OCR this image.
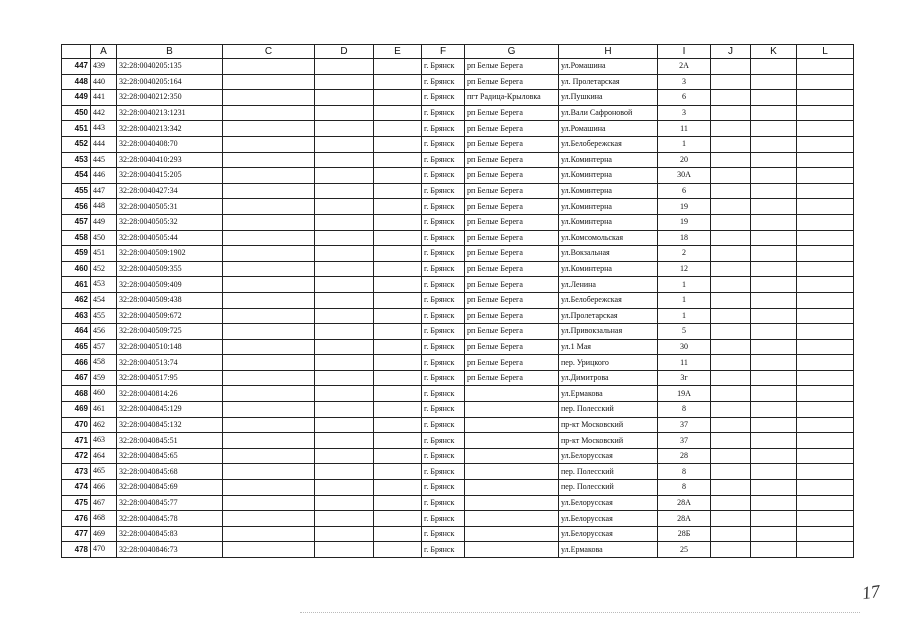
	A	B	C	D	E	F	G	H	I	J	K	L
447	439	32:28:0040205:135				г. Брянск	рп Белые Берега	ул.Ромашина	2А			
448	440	32:28:0040205:164				г. Брянск	рп Белые Берега	ул. Пролетарская	3			
449	441	32:28:0040212:350				г. Брянск	пгт Радица-Крыловка	ул.Пушкина	6			
450	442	32:28:0040213:1231				г. Брянск	рп Белые Берега	ул.Вали Сафроновой	3			
451	443	32:28:0040213:342				г. Брянск	рп Белые Берега	ул.Ромашина	11			
452	444	32:28:0040408:70				г. Брянск	рп Белые Берега	ул.Белобережская	1			
453	445	32:28:0040410:293				г. Брянск	рп Белые Берега	ул.Коминтерна	20			
454	446	32:28:0040415:205				г. Брянск	рп Белые Берега	ул.Коминтерна	30А			
455	447	32:28:0040427:34				г. Брянск	рп Белые Берега	ул.Коминтерна	6			
456	448	32:28:0040505:31				г. Брянск	рп Белые Берега	ул.Коминтерна	19			
457	449	32:28:0040505:32				г. Брянск	рп Белые Берега	ул.Коминтерна	19			
458	450	32:28:0040505:44				г. Брянск	рп Белые Берега	ул.Комсомольская	18			
459	451	32:28:0040509:1902				г. Брянск	рп Белые Берега	ул.Вокзальная	2			
460	452	32:28:0040509:355				г. Брянск	рп Белые Берега	ул.Коминтерна	12			
461	453	32:28:0040509:409				г. Брянск	рп Белые Берега	ул.Ленина	1			
462	454	32:28:0040509:438				г. Брянск	рп Белые Берега	ул.Белобережская	1			
463	455	32:28:0040509:672				г. Брянск	рп Белые Берега	ул.Пролетарская	1			
464	456	32:28:0040509:725				г. Брянск	рп Белые Берега	ул.Привокзальная	5			
465	457	32:28:0040510:148				г. Брянск	рп Белые Берега	ул.1 Мая	30			
466	458	32:28:0040513:74				г. Брянск	рп Белые Берега	пер. Урицкого	11			
467	459	32:28:0040517:95				г. Брянск	рп Белые Берега	ул.Димитрова	3г			
468	460	32:28:0040814:26				г. Брянск		ул.Ермакова	19А			
469	461	32:28:0040845:129				г. Брянск		пер. Полесский	8			
470	462	32:28:0040845:132				г. Брянск		пр-кт Московский	37			
471	463	32:28:0040845:51				г. Брянск		пр-кт Московский	37			
472	464	32:28:0040845:65				г. Брянск		ул.Белорусская	28			
473	465	32:28:0040845:68				г. Брянск		пер. Полесский	8			
474	466	32:28:0040845:69				г. Брянск		пер. Полесский	8			
475	467	32:28:0040845:77				г. Брянск		ул.Белорусская	28А			
476	468	32:28:0040845:78				г. Брянск		ул.Белорусская	28А			
477	469	32:28:0040845:83				г. Брянск		ул.Белорусская	28Б			
478	470	32:28:0040846:73				г. Брянск		ул.Ермакова	25			
17
